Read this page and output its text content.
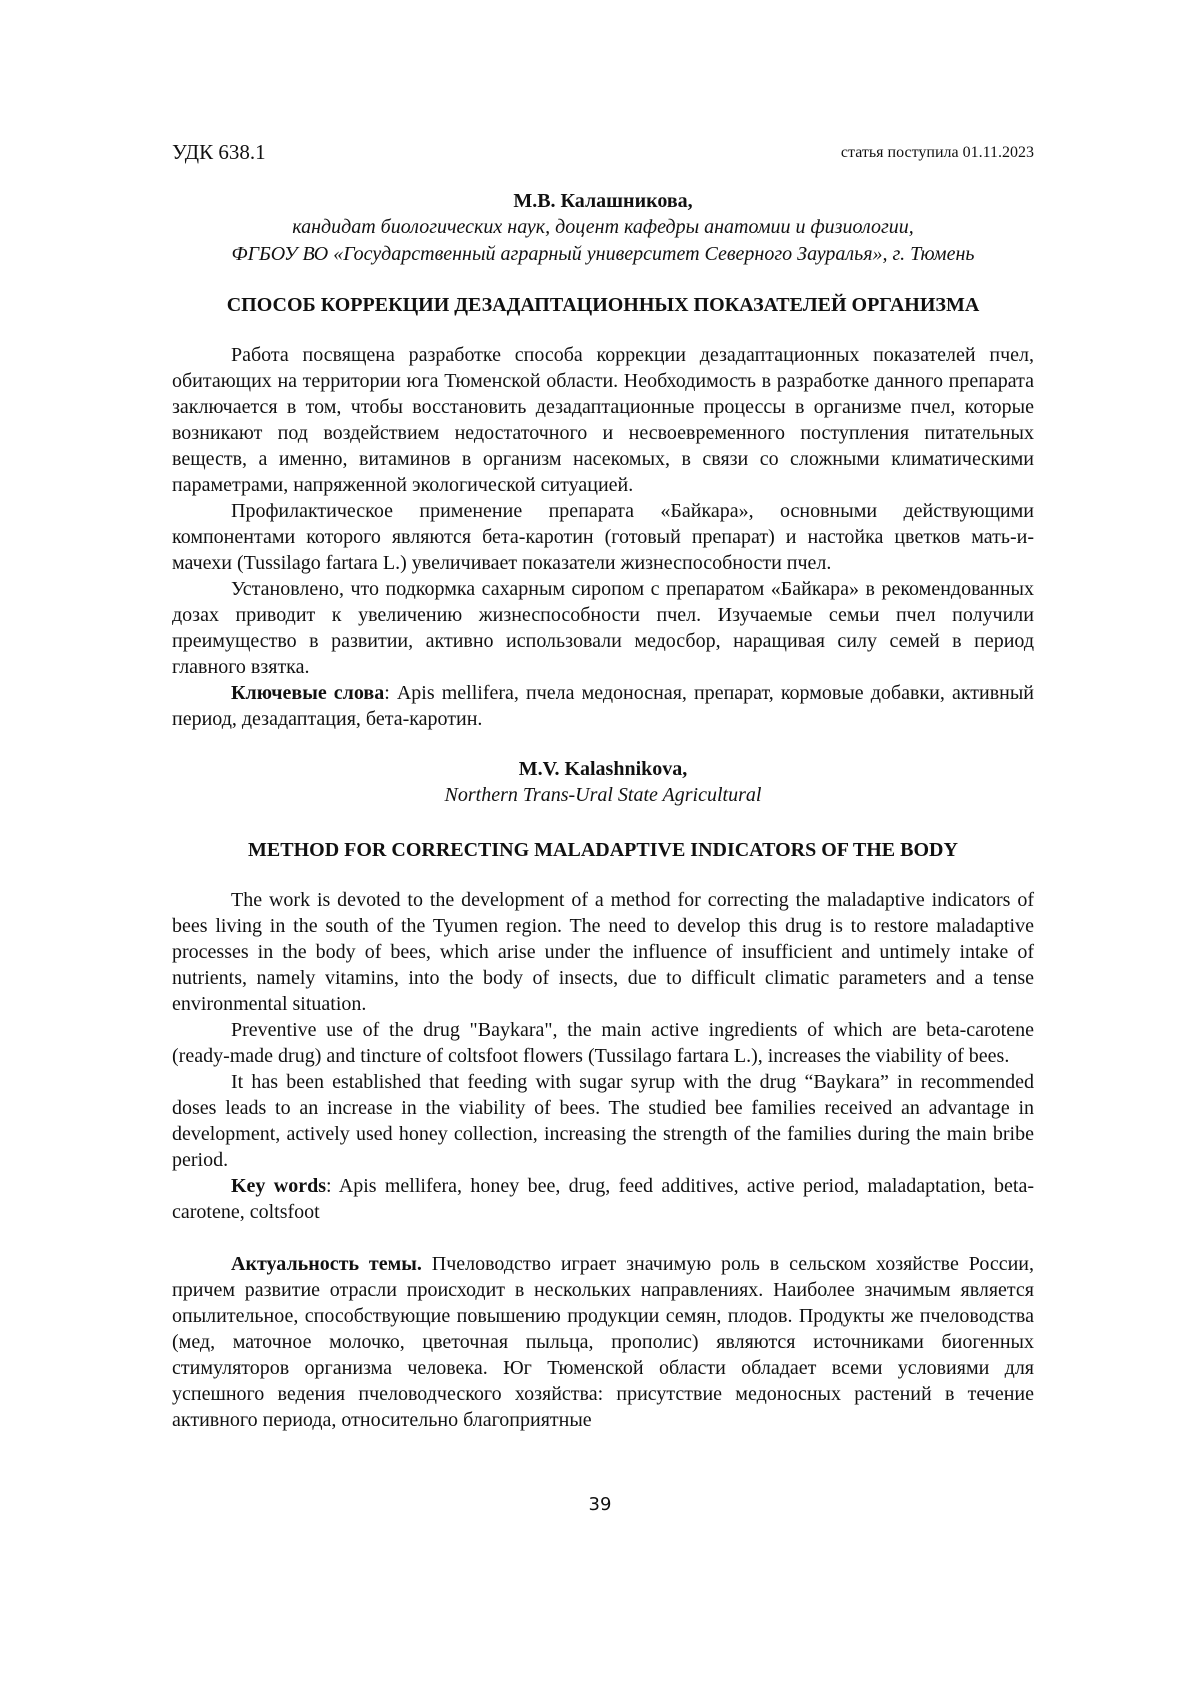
УДК 638.1	статья поступила 01.11.2023
М.В. Калашникова,
кандидат биологических наук, доцент кафедры анатомии и физиологии,
ФГБОУ ВО «Государственный аграрный университет Северного Зауралья», г. Тюмень
СПОСОБ КОРРЕКЦИИ ДЕЗАДАПТАЦИОННЫХ ПОКАЗАТЕЛЕЙ ОРГАНИЗМА

Работа посвящена разработке способа коррекции дезадаптационных показателей пчел, обитающих на территории юга Тюменской области. Необходимость в разработке данного препарата заключается в том, чтобы восстановить дезадаптационные процессы в организме пчел, которые возникают под воздействием недостаточного и несвоевременного поступления питательных веществ, а именно, витаминов в организм насекомых, в связи со сложными климатическими параметрами, напряженной экологической ситуацией.

Профилактическое применение препарата «Байкара», основными действующими компонентами которого являются бета-каротин (готовый препарат) и настойка цветков мать-и-мачехи (Tussilago fartara L.) увеличивает показатели жизнеспособности пчел.

Установлено, что подкормка сахарным сиропом с препаратом «Байкара» в рекомендованных дозах приводит к увеличению жизнеспособности пчел. Изучаемые семьи пчел получили преимущество в развитии, активно использовали медосбор, наращивая силу семей в период главного взятка.

Ключевые слова: Apis mellifera, пчела медоносная, препарат, кормовые добавки, активный период, дезадаптация, бета-каротин.

M.V. Kalashnikova,
Northern Trans-Ural State Agricultural
METHOD FOR CORRECTING MALADAPTIVE INDICATORS OF THE BODY

The work is devoted to the development of a method for correcting the maladaptive indicators of bees living in the south of the Tyumen region. The need to develop this drug is to restore maladaptive processes in the body of bees, which arise under the influence of insufficient and untimely intake of nutrients, namely vitamins, into the body of insects, due to difficult climatic parameters and a tense environmental situation.

Preventive use of the drug "Baykara", the main active ingredients of which are beta-carotene (ready-made drug) and tincture of coltsfoot flowers (Tussilago fartara L.), increases the viability of bees.

It has been established that feeding with sugar syrup with the drug “Baykara” in recommended doses leads to an increase in the viability of bees. The studied bee families received an advantage in development, actively used honey collection, increasing the strength of the families during the main bribe period.

Key words: Apis mellifera, honey bee, drug, feed additives, active period, maladaptation, beta-carotene, coltsfoot

Актуальность темы. Пчеловодство играет значимую роль в сельском хозяйстве России, причем развитие отрасли происходит в нескольких направлениях. Наиболее значимым является опылительное, способствующие повышению продукции семян, плодов. Продукты же пчеловодства (мед, маточное молочко, цветочная пыльца, прополис) являются источниками биогенных стимуляторов организма человека. Юг Тюменской области обладает всеми условиями для успешного ведения пчеловодческого хозяйства: присутствие медоносных растений в течение активного периода, относительно благоприятные

39
